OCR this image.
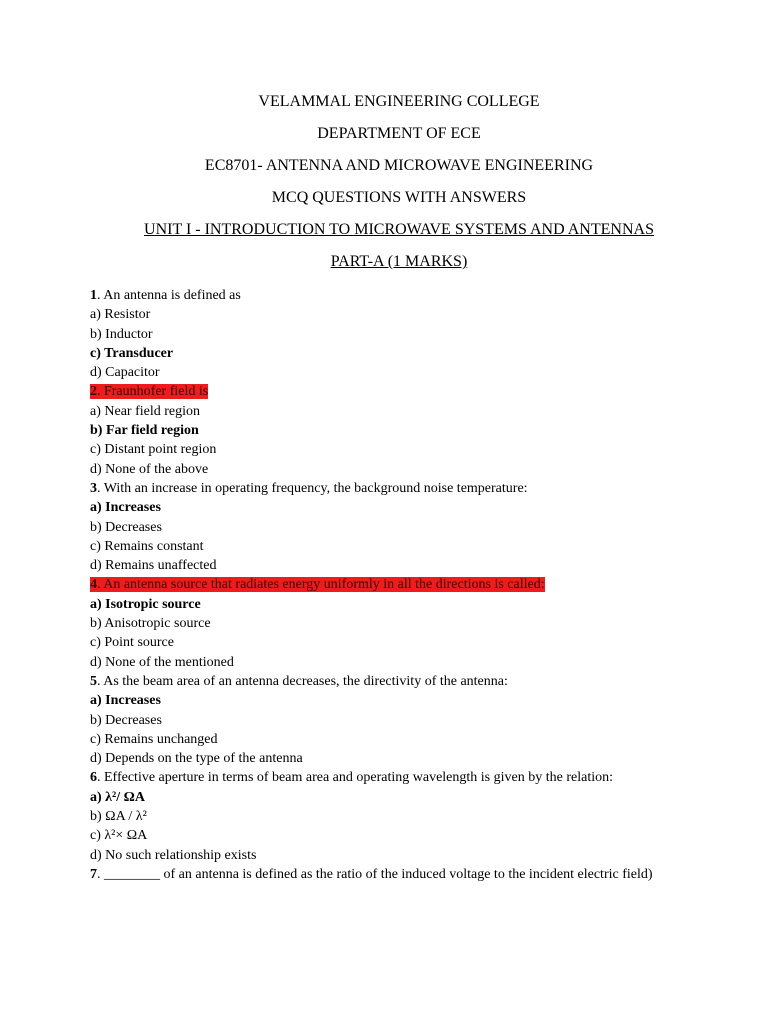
VELAMMAL ENGINEERING COLLEGE
DEPARTMENT OF ECE
EC8701- ANTENNA AND MICROWAVE ENGINEERING
MCQ QUESTIONS WITH ANSWERS
UNIT I - INTRODUCTION TO MICROWAVE SYSTEMS AND ANTENNAS
PART-A (1 MARKS)
1. An antenna is defined as
a) Resistor
b) Inductor
c) Transducer
d) Capacitor
2. Fraunhofer field is
a) Near field region
b) Far field region
c) Distant point region
d) None of the above
3. With an increase in operating frequency, the background noise temperature:
a) Increases
b) Decreases
c) Remains constant
d) Remains unaffected
4. An antenna source that radiates energy uniformly in all the directions is called:
a) Isotropic source
b) Anisotropic source
c) Point source
d) None of the mentioned
5. As the beam area of an antenna decreases, the directivity of the antenna:
a) Increases
b) Decreases
c) Remains unchanged
d) Depends on the type of the antenna
6. Effective aperture in terms of beam area and operating wavelength is given by the relation:
a) λ²/ ΩA
b) ΩA / λ²
c) λ²× ΩA
d) No such relationship exists
7. ________ of an antenna is defined as the ratio of the induced voltage to the incident electric field)
